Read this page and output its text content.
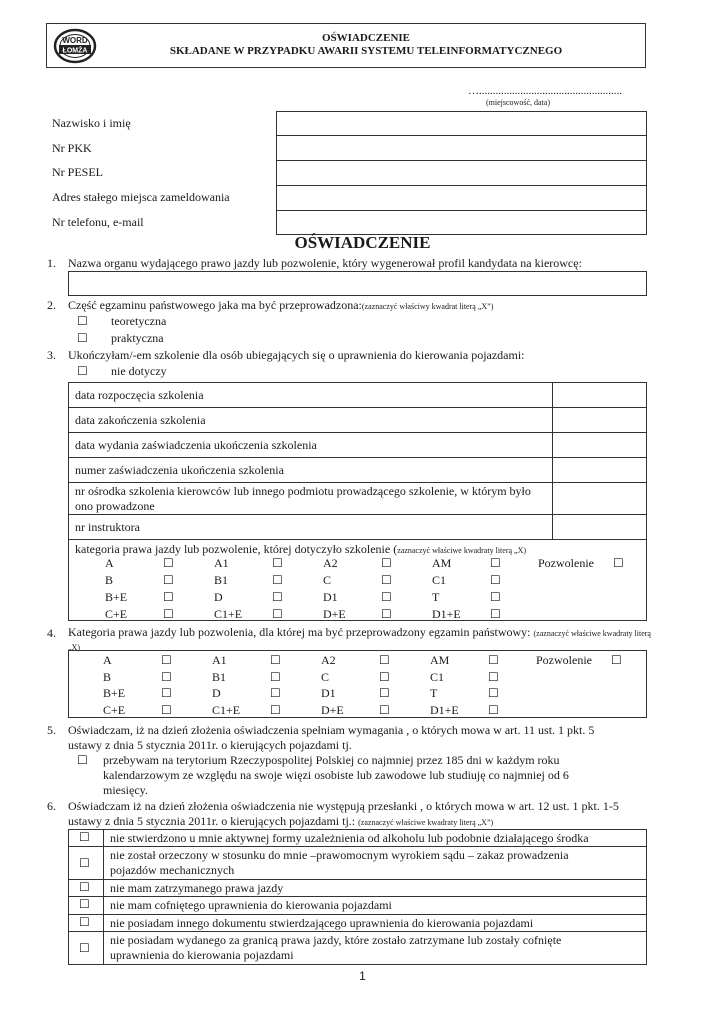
WORD
ŁOMŻA
OŚWIADCZENIE
SKŁADANE W PRZYPADKU AWARII SYSTEMU TELEINFORMATYCZNEGO
…....................................................
(miejscowość, data)
Nazwisko i imię
Nr PKK
Nr PESEL
Adres stałego miejsca zameldowania
Nr telefonu, e-mail
OŚWIADCZENIE
1. Nazwa organu wydającego prawo jazdy lub pozwolenie, który wygenerował profil kandydata na kierowcę:
2. Część egzaminu państwowego jaka ma być przeprowadzona:(zaznaczyć właściwy kwadrat literą „X”)
☐ teoretyczna
☐ praktyczna
3. Ukończyłam/-em szkolenie dla osób ubiegających się o uprawnienia do kierowania pojazdami:
☐ nie dotyczy
data rozpoczęcia szkolenia
data zakończenia szkolenia
data wydania zaświadczenia ukończenia szkolenia
numer zaświadczenia ukończenia szkolenia
nr ośrodka szkolenia kierowców lub innego podmiotu prowadzącego szkolenie, w którym było ono prowadzone
nr instruktora
kategoria prawa jazdy lub pozwolenie, której dotyczyło szkolenie (zaznaczyć właściwe kwadraty literą „X)
Pozwolenie ☐
A	☐	A1	☐	A2	☐	AM	☐
B	☐	B1	☐	C	☐	C1	☐
B+E	☐	D	☐	D1	☐	T	☐
C+E	☐	C1+E ☐	D+E	☐	D1+E ☐
4. Kategoria prawa jazdy lub pozwolenia, dla której ma być przeprowadzony egzamin państwowy: (zaznaczyć właściwe kwadraty literą „X)
Pozwolenie ☐
A	☐	A1	☐	A2	☐	AM	☐
B	☐	B1	☐	C	☐	C1	☐
B+E	☐	D	☐	D1	☐	T	☐
C+E	☐	C1+E ☐	D+E	☐	D1+E ☐
5. Oświadczam, iż na dzień złożenia oświadczenia spełniam wymagania , o których mowa w art. 11 ust. 1 pkt. 5
ustawy z dnia 5 stycznia 2011r. o kierujących pojazdami tj.
☐ przebywam na terytorium Rzeczypospolitej Polskiej co najmniej przez 185 dni w każdym roku
kalendarzowym ze względu na swoje więzi osobiste lub zawodowe lub studiuję co najmniej od 6
miesięcy.
6. Oświadczam iż na dzień złożenia oświadczenia nie występują przesłanki , o których mowa w art. 12 ust. 1 pkt. 1-5
ustawy z dnia 5 stycznia 2011r. o kierujących pojazdami tj.: (zaznaczyć właściwe kwadraty literą „X”)
☐ nie stwierdzono u mnie aktywnej formy uzależnienia od alkoholu lub podobnie działającego środka
☐
nie został orzeczony w stosunku do mnie –prawomocnym wyrokiem sądu – zakaz prowadzenia
pojazdów mechanicznych
☐ nie mam zatrzymanego prawa jazdy
☐ nie mam cofniętego uprawnienia do kierowania pojazdami
☐ nie posiadam innego dokumentu stwierdzającego uprawnienia do kierowania pojazdami
☐
nie posiadam wydanego za granicą prawa jazdy, które zostało zatrzymane lub zostały cofnięte
uprawnienia do kierowania pojazdami
1
